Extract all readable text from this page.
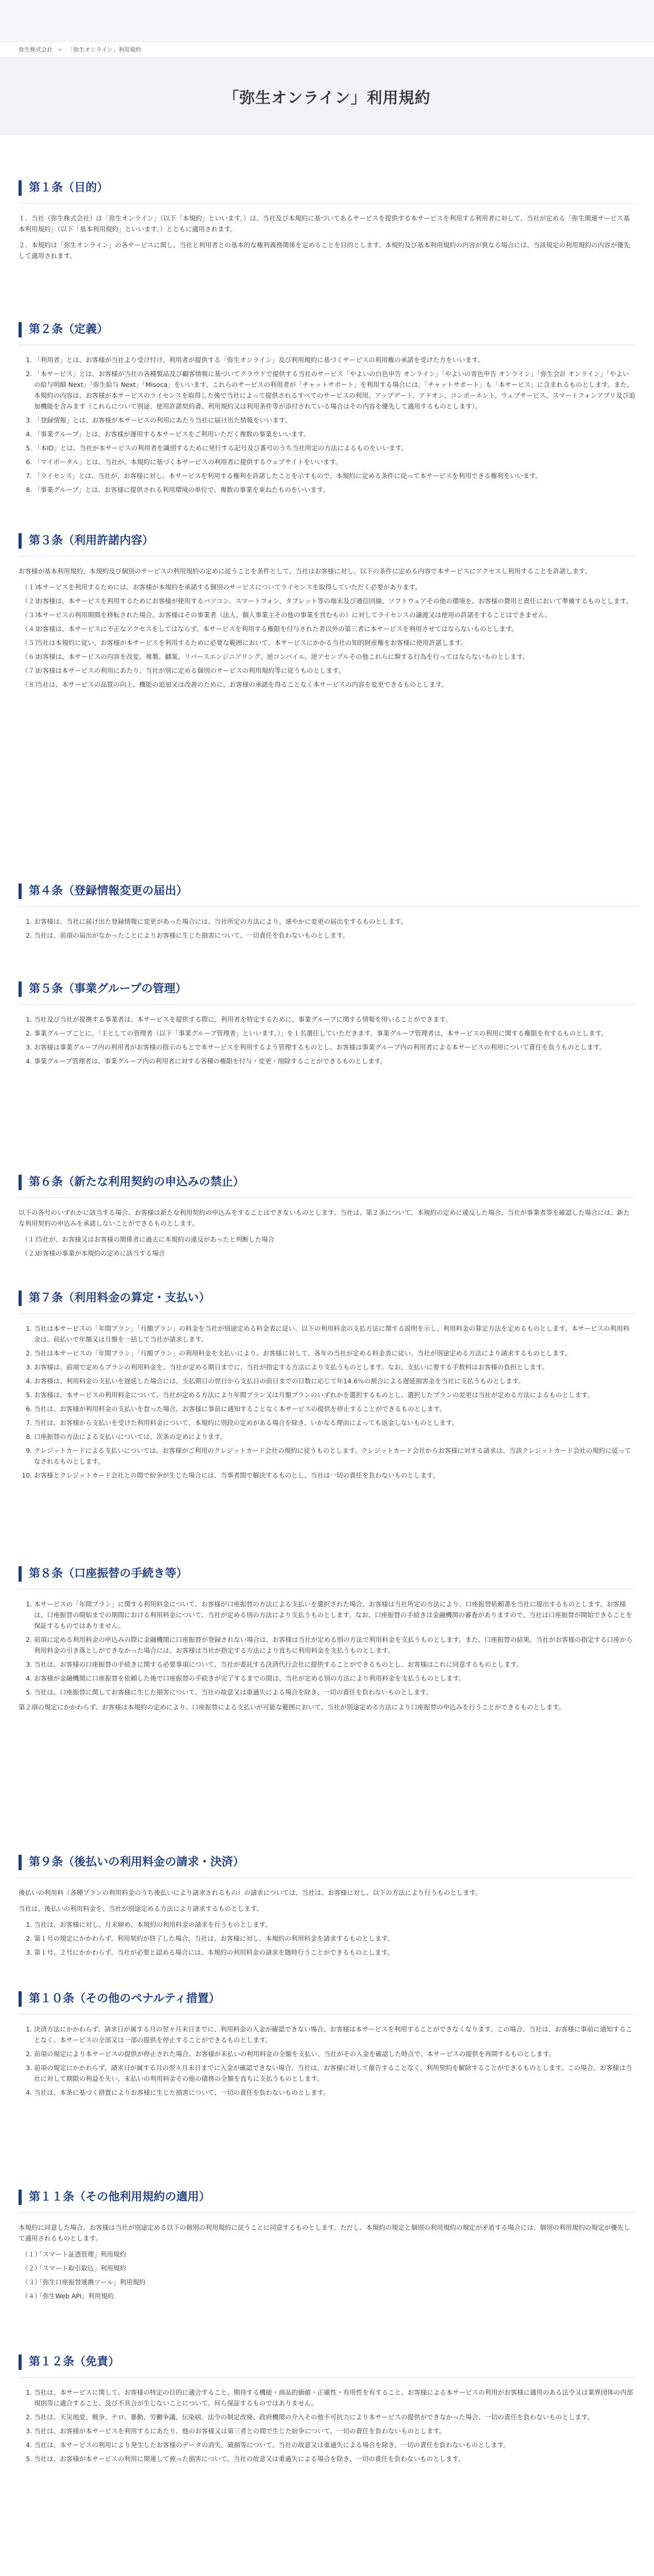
弥生株式会社 > 「弥生オンライン」利用規約
「弥生オンライン」利用規約
第１条（目的）

１．当社（弥生株式会社）は「弥生オンライン」（以下「本規約」といいます。）は、当社及び本規約に基づいてあるサービスを提供する本サービスを利用する利用者に対して、当社が定める「弥生関連サービス基本利用規約」（以下「基本利用規約」といいます。）とともに適用されます。

２．本規約は「弥生オンライン」の各サービスに関し、当社と利用者との基本的な権利義務関係を定めることを目的とします。本規約及び基本利用規約の内容が異なる場合には、当該規定の利用規約の内容が優先して適用されます。

第２条（定義）
1. 「利用者」とは、お客様が当社より受け付け、利用者が提供する「弥生オンライン」及び利用規約に基づくサービスの利用権の承諾を受けた方をいいます。
2. 「本サービス」とは、お客様が当社の各種製品及び顧客情報に基づいてクラウドで提供する当社のサービス「やよいの白色申告 オンライン」「やよいの青色申告 オンライン」「弥生会計 オンライン」「やよいの給与明細 Next」「弥生給与 Next」「Misoca」をいいます。これらのサービスの利用者が「チャットサポート」を利用する場合には、「チャットサポート」も「本サービス」に含まれるものとします。また、本規約の内容は、お客様が本サービスのライセンスを取得した後で当社によって提供されるすべてのサービスの利用、アップデート、アドオン、コンポーネント、ウェブサービス、スマートフォンアプリ及び追加機能を含みます（これらについて別途、使用許諾契約書、利用規約又は利用条件等が添付されている場合はその内容を優先して適用するものとします）。
3. 「登録情報」とは、お客様が本サービスの利用にあたり当社に届け出た情報をいいます。
4. 「事業グループ」とは、お客様が運用する本サービスをご利用いただく複数の事業をいいます。
5. 「本ID」とは、当社が本サービスの利用者を識別するために発行する記号及び番号のうち当社所定の方法によるものをいいます。
6. 「マイポータル」とは、当社が、本規約に基づく本サービスの利用者に提供するウェブサイトをいいます。
7. 「ライセンス」とは、当社が、お客様に対し、本サービスを利用する権利を許諾したことを示すもので、本規約に定める条件に従って本サービスを利用できる権利をいいます。
8. 「事業グループ」とは、お客様に提供される利用環境の単位で、複数の事業を束ねたものをいいます。
第３条（利用許諾内容）

お客様が基本利用規約、本規約及び個別のサービスの利用規約の定めに従うことを条件として、当社はお客様に対し、以下の条件に定める内容で本サービスにアクセスし利用することを許諾します。

（１）
本サービスを利用するためには、お客様が本規約を承諾する個別のサービスについてライセンスを取得していただく必要があります。
（２）
お客様は、本サービスを利用するためにお客様が使用するパソコン、スマートフォン、タブレット等の端末及び通信回線、ソフトウェアその他の環境を、お客様の費用と責任において準備するものとします。
（３）
本サービスの利用期間を移転された場合、お客様はその事業者（法人、個人事業主その他の事業を営むもの）に対してライセンスの譲渡又は使用の許諾をすることはできません。
（４）
お客様は、本サービスに不正なアクセスをしてはならず、本サービスを利用する権限を付与された者以外の第三者に本サービスを利用させてはならないものとします。
（５）
当社は本規約に従い、お客様が本サービスを利用するために必要な範囲において、本サービスにかかる当社の知的財産権をお客様に使用許諾します。
（６）
お客様は、本サービスの内容を改変、複製、翻案、リバースエンジニアリング、逆コンパイル、逆アセンブルその他これらに類する行為を行ってはならないものとします。
（７）
お客様は本サービスの利用にあたり、当社が別に定める個別のサービスの利用規約等に従うものとします。
（８）
当社は、本サービスの品質の向上、機能の追加又は改善のために、お客様の承諾を得ることなく本サービスの内容を変更できるものとします。
第４条（登録情報変更の届出）
1. お客様は、当社に届け出た登録情報に変更があった場合には、当社所定の方法により、速やかに変更の届出をするものとします。
2. 当社は、前項の届出がなかったことによりお客様に生じた損害について、一切責任を負わないものとします。
第５条（事業グループの管理）
1. 当社及び当社が提携する事業者は、本サービスを提供する際に、利用者を特定するために、事業グループに関する情報を用いることができます。
2. 事業グループごとに、「主としての管理者（以下「事業グループ管理者」といいます。）」を１名選任していただきます。事業グループ管理者は、本サービスの利用に関する権限を有するものとします。
3. お客様は事業グループ内の利用者がお客様の指示のもとで本サービスを利用するよう管理するものとし、お客様は事業グループ内の利用者による本サービスの利用について責任を負うものとします。
4. 事業グループ管理者は、事業グループ内の利用者に対する各種の権限を付与・変更・削除することができるものとします。
第６条（新たな利用契約の申込みの禁止）

以下の各号のいずれかに該当する場合、お客様は新たな利用契約の申込みをすることはできないものとします。当社は、第２条について、本規約の定めに違反した場合、当社が事業者等を確認した場合には、新たな利用契約の申込みを承諾しないことができるものとします。

（１）
当社が、お客様又はお客様の関係者に過去に本規約の違反があったと判断した場合
（２）
お客様の事業が本規約の定めに該当する場合
第７条（利用料金の算定・支払い）
1. 当社は本サービスの「年間プラン」「月額プラン」の料金を当社が別途定める料金表に従い、以下の利用料金の支払方法に関する説明を示し、利用料金の算定方法を定めるものとします。本サービスの利用料金は、前払いで年額又は月額を一括して当社が請求します。
2. 当社は本サービスの「年間プラン」「月額プラン」の利用料金を支払いにより、お客様に対して、各年の当社が定める料金表に従い、当社が別途定める方法により請求するものとします。
3. お客様は、前項で定めるプランの利用料金を、当社が定める期日までに、当社が指定する方法により支払うものとします。なお、支払いに要する手数料はお客様の負担とします。
4. お客様は、利用料金の支払いを遅延した場合には、支払期日の翌日から支払日の前日までの日数に応じて年14.6％の割合による遅延損害金を当社に支払うものとします。
5. お客様は、本サービスの利用料金について、当社が定める方法により年間プラン又は月額プランのいずれかを選択するものとし、選択したプランの変更は当社が定める方法によるものとします。
6. 当社は、お客様が利用料金の支払いを怠った場合、お客様に事前に通知することなく本サービスの提供を停止することができるものとします。
7. 当社は、お客様から支払いを受けた利用料金について、本規約に別段の定めがある場合を除き、いかなる理由によっても返金しないものとします。
8. 口座振替の方法による支払いについては、次条の定めによります。
9. クレジットカードによる支払いについては、お客様がご利用のクレジットカード会社の規約に従うものとします。クレジットカード会社からお客様に対する請求は、当該クレジットカード会社の規約に従ってなされるものとします。
10. お客様とクレジットカード会社との間で紛争が生じた場合には、当事者間で解決するものとし、当社は一切の責任を負わないものとします。
第８条（口座振替の手続き等）
1. 本サービスの「年間プラン」に関する利用料金について、お客様が口座振替の方法による支払いを選択された場合、お客様は当社所定の方法により、口座振替依頼書を当社に提出するものとします。お客様は、口座振替の開始までの期間における利用料金について、当社が定める別の方法により支払うものとします。なお、口座振替の手続きは金融機関の審査がありますので、当社は口座振替が開始できることを保証するものではありません。
2. 前項に定める利用料金の申込みの際に金融機関に口座振替が登録されない場合は、お客様は当社が定める別の方法で利用料金を支払うものとします。また、口座振替の結果、当社がお客様の指定する口座から利用料金の引き落としができなかった場合には、お客様は当社が指定する方法により直ちに利用料金を支払うものとします。
3. 当社は、お客様の口座振替の手続きに関する必要事項について、当社が委託する決済代行会社に提供することができるものとし、お客様はこれに同意するものとします。
4. お客様が金融機関に口座振替を依頼した後で口座振替の手続きが完了するまでの間は、当社が定める別の方法により利用料金を支払うものとします。
5. 当社は、口座振替に関してお客様に生じた損害について、当社の故意又は重過失による場合を除き、一切の責任を負わないものとします。

第２項の規定にかかわらず、お客様は本規約の定めにより、口座振替による支払いが可能な範囲において、当社が別途定める方法により口座振替の申込みを行うことができるものとします。

第９条（後払いの利用料金の請求・決済）

後払いの利用料（各種プランの利用料金のうち後払いにより請求されるもの）の請求については、当社は、お客様に対し、以下の方法により行うものとします。

当社は、後払いの利用料金を、当社が別途定める方法により請求するものとします。

1. 当社は、お客様に対し、月末締め、本規約の利用料金の請求を行うものとします。
2. 第１号の規定にかかわらず、利用契約が終了した場合、当社は、お客様に対し、本規約の利用料金を請求するものとします。
3. 第１号、２号にかかわらず、当社が必要と認める場合には、本規約の利用料金の請求を随時行うことができるものとします。
第１０条（その他のペナルティ措置）
1. 決済方法にかかわらず、請求日が属する月の翌々月末日までに、利用料金の入金が確認できない場合、お客様は本サービスを利用することができなくなります。この場合、当社は、お客様に事前に通知することなく、本サービスの全部又は一部の提供を停止することができるものとします。
2. 前項の規定により本サービスの提供が停止された場合、お客様が未払いの利用料金の全額を支払い、当社がその入金を確認した時点で、本サービスの提供を再開するものとします。
3. 前項の規定にかかわらず、請求日が属する月の翌々月末日までに入金が確認できない場合、当社は、お客様に対して催告することなく、利用契約を解除することができるものとします。この場合、お客様は当社に対して期限の利益を失い、未払いの利用料金その他の債務の全額を直ちに支払うものとします。
4. 当社は、本条に基づく措置によりお客様に生じた損害について、一切の責任を負わないものとします。
第１１条（その他利用規約の適用）

本規約に同意した場合、お客様は当社が別途定める以下の個別の利用規約に従うことに同意するものとします。ただし、本規約の規定と個別の利用規約の規定が矛盾する場合には、個別の利用規約の規定が優先して適用されるものとします。

（１）
「スマート証憑管理」利用規約
（２）
「スマート取引取込」利用規約
（３）
「弥生口座振替連携ツール」利用規約
（４）
「弥生Web API」利用規約
第１２条（免責）
1. 当社は、本サービスに関して、お客様の特定の目的に適合すること、期待する機能・商品的価値・正確性・有用性を有すること、お客様による本サービスの利用がお客様に適用のある法令又は業界団体の内部規則等に適合すること、及び不具合が生じないことについて、何ら保証するものではありません。
2. 当社は、天災地変、戦争、テロ、暴動、労働争議、伝染病、法令の制定改廃、政府機関の介入その他不可抗力により本サービスの提供ができなかった場合、一切の責任を負わないものとします。
3. 当社は、お客様が本サービスを利用するにあたり、他のお客様又は第三者との間で生じた紛争について、一切の責任を負わないものとします。
4. 当社は、本サービスの利用により発生したお客様のデータの消失、破損等について、当社の故意又は重過失による場合を除き、一切の責任を負わないものとします。
5. 当社は、お客様が本サービスの利用に関連して被った損害について、当社の故意又は重過失による場合を除き、一切の責任を負わないものとします。
